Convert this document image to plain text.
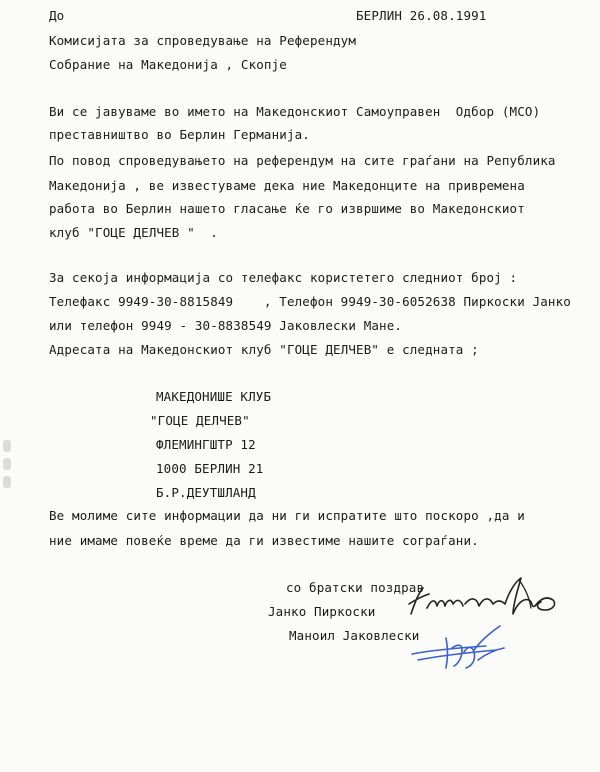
До	БЕРЛИН 26.08.1991
Комисијата за спроведување на Референдум
Собрание на Македонија , Скопје
Ви се јавуваме во името на Македонскиот Самоуправен  Одбор (МСО)
преставништво во Берлин Германија.
По повод спроведувањето на референдум на сите граѓани на Република
Македонија , ве известуваме дека ние Македонците на привремена
работа во Берлин нашето гласање ќе го извршиме во Македонскиот
клуб "ГОЦЕ ДЕЛЧЕВ "  .
За секоја информација со телефакс користетего следниот број :
Телефакс 9949-30-8815849    , Телефон 9949-30-6052638 Пиркоски Јанко
или телефон 9949 - 30-8838549 Јаковлески Мане.
Адресата на Македонскиот клуб "ГОЦЕ ДЕЛЧЕВ" е следната ;
МАКЕДОНИШЕ КЛУБ
"ГОЦЕ ДЕЛЧЕВ"
ФЛЕМИНГШТР 12
1000 БЕРЛИН 21
Б.Р.ДЕУТШЛАНД
Ве молиме сите информации да ни ги испратите што поскоро ,да и
ние имаме повеќе време да ги известиме нашите сограѓани.
со братски поздрав
Јанко Пиркоски
Маноил Јаковлески
